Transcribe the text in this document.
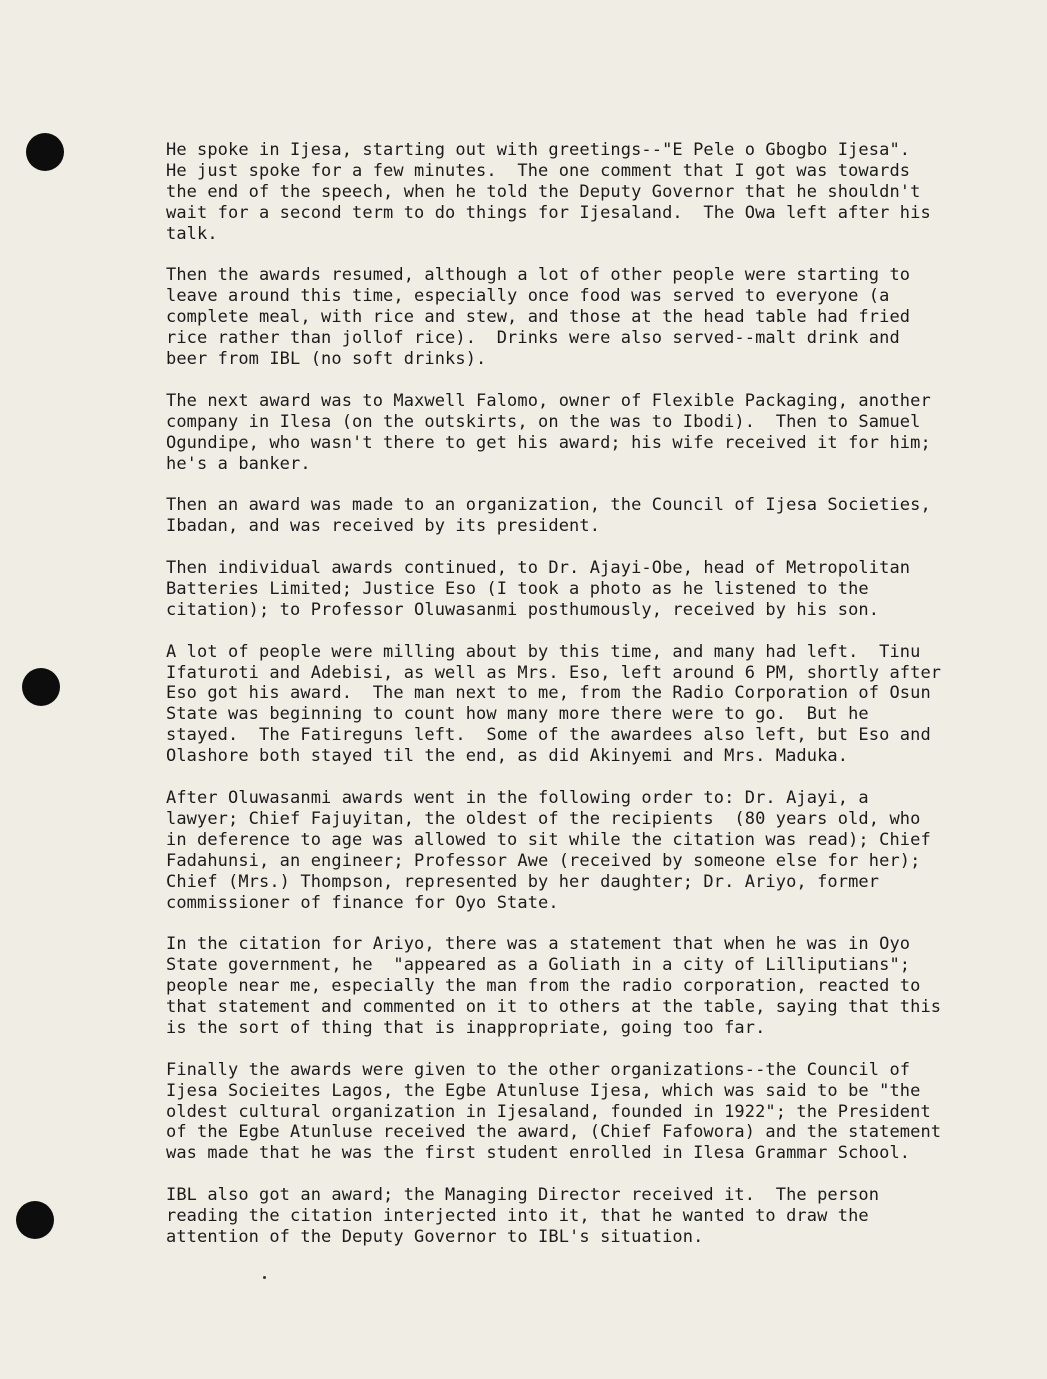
He spoke in Ijesa, starting out with greetings--"E Pele o Gbogbo Ijesa".
He just spoke for a few minutes.  The one comment that I got was towards
the end of the speech, when he told the Deputy Governor that he shouldn't
wait for a second term to do things for Ijesaland.  The Owa left after his
talk.
Then the awards resumed, although a lot of other people were starting to
leave around this time, especially once food was served to everyone (a
complete meal, with rice and stew, and those at the head table had fried
rice rather than jollof rice).  Drinks were also served--malt drink and
beer from IBL (no soft drinks).
The next award was to Maxwell Falomo, owner of Flexible Packaging, another
company in Ilesa (on the outskirts, on the was to Ibodi).  Then to Samuel
Ogundipe, who wasn't there to get his award; his wife received it for him;
he's a banker.
Then an award was made to an organization, the Council of Ijesa Societies,
Ibadan, and was received by its president.
Then individual awards continued, to Dr. Ajayi-Obe, head of Metropolitan
Batteries Limited; Justice Eso (I took a photo as he listened to the
citation); to Professor Oluwasanmi posthumously, received by his son.
A lot of people were milling about by this time, and many had left.  Tinu
Ifaturoti and Adebisi, as well as Mrs. Eso, left around 6 PM, shortly after
Eso got his award.  The man next to me, from the Radio Corporation of Osun
State was beginning to count how many more there were to go.  But he
stayed.  The Fatireguns left.  Some of the awardees also left, but Eso and
Olashore both stayed til the end, as did Akinyemi and Mrs. Maduka.
After Oluwasanmi awards went in the following order to: Dr. Ajayi, a
lawyer; Chief Fajuyitan, the oldest of the recipients  (80 years old, who
in deference to age was allowed to sit while the citation was read); Chief
Fadahunsi, an engineer; Professor Awe (received by someone else for her);
Chief (Mrs.) Thompson, represented by her daughter; Dr. Ariyo, former
commissioner of finance for Oyo State.
In the citation for Ariyo, there was a statement that when he was in Oyo
State government, he  "appeared as a Goliath in a city of Lilliputians";
people near me, especially the man from the radio corporation, reacted to
that statement and commented on it to others at the table, saying that this
is the sort of thing that is inappropriate, going too far.
Finally the awards were given to the other organizations--the Council of
Ijesa Socieites Lagos, the Egbe Atunluse Ijesa, which was said to be "the
oldest cultural organization in Ijesaland, founded in 1922"; the President
of the Egbe Atunluse received the award, (Chief Fafowora) and the statement
was made that he was the first student enrolled in Ilesa Grammar School.
IBL also got an award; the Managing Director received it.  The person
reading the citation interjected into it, that he wanted to draw the
attention of the Deputy Governor to IBL's situation.
